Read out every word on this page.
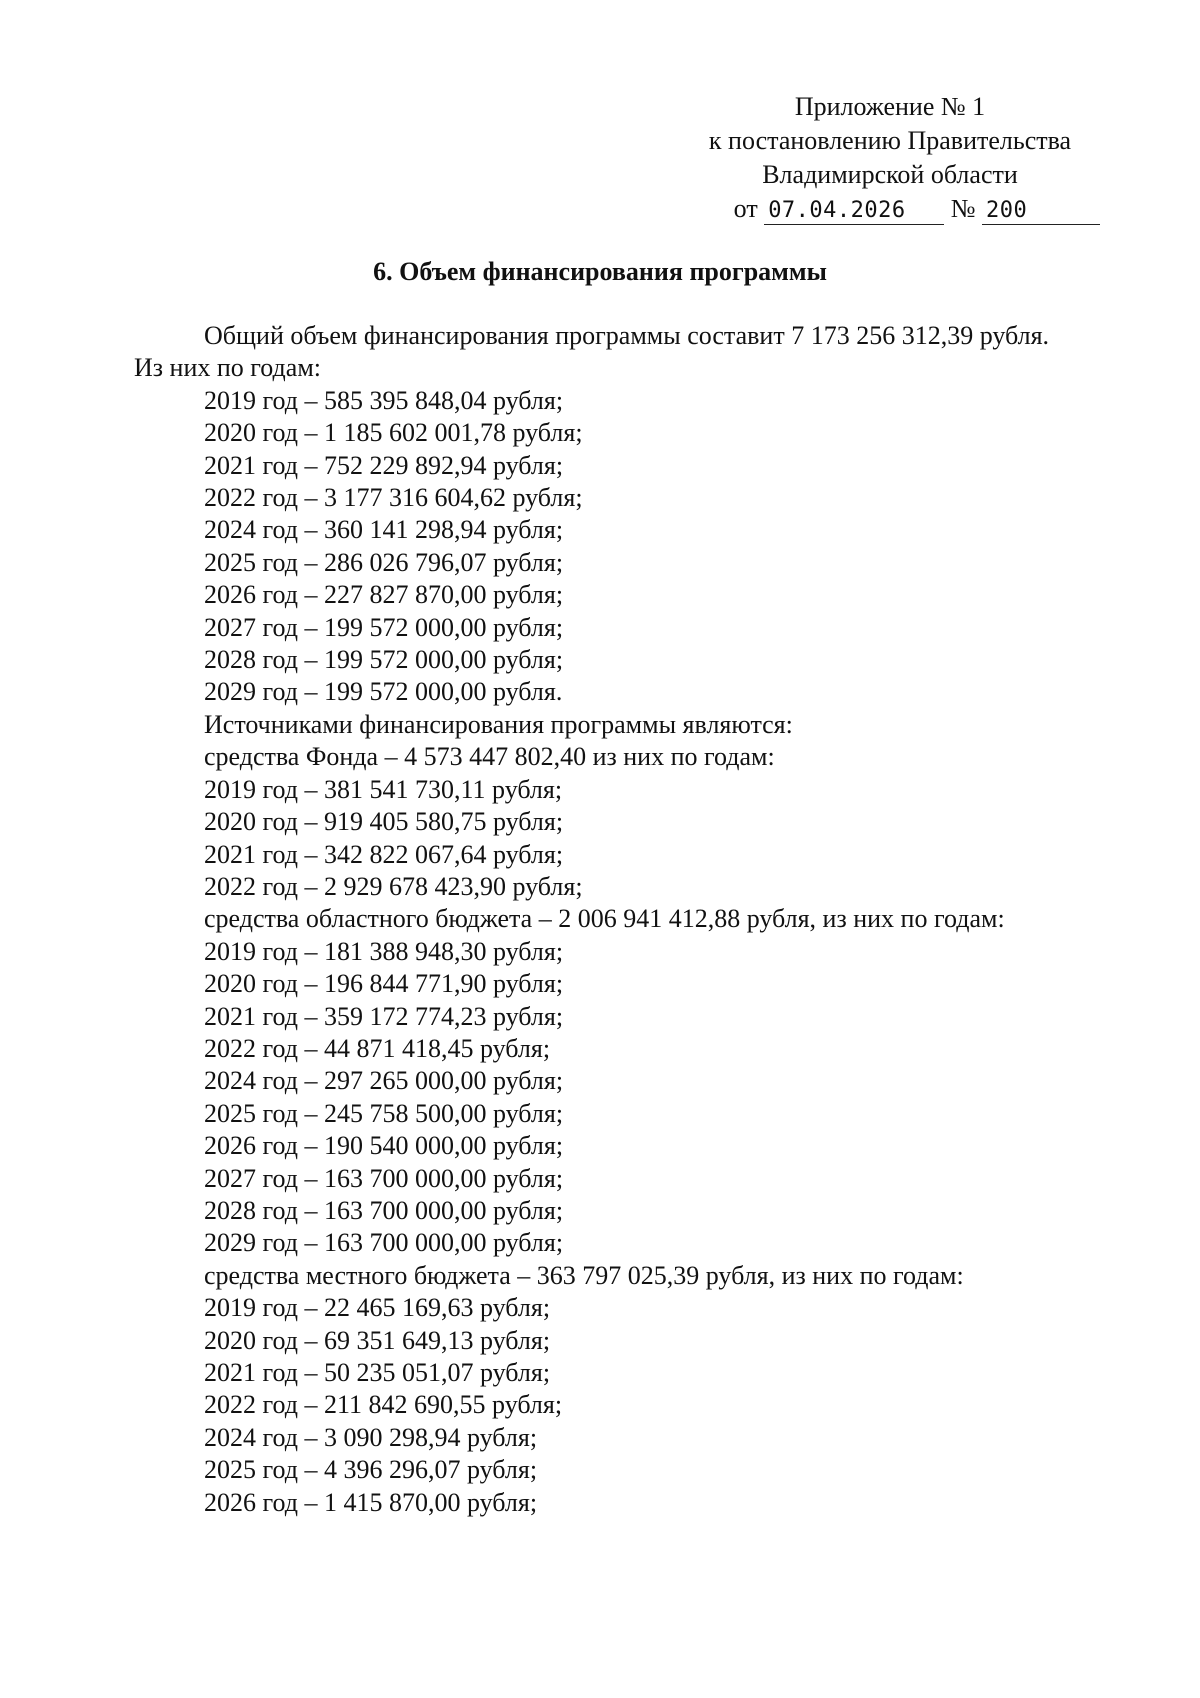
Приложение № 1
к постановлению Правительства
Владимирской области
от 07.04.2026 № 200
6. Объем финансирования программы

Общий объем финансирования программы составит 7 173 256 312,39 рубля.

Из них по годам:

2019 год – 585 395 848,04 рубля;
2020 год – 1 185 602 001,78 рубля;
2021 год – 752 229 892,94 рубля;
2022 год – 3 177 316 604,62 рубля;
2024 год – 360 141 298,94 рубля;
2025 год – 286 026 796,07 рубля;
2026 год – 227 827 870,00 рубля;
2027 год – 199 572 000,00 рубля;
2028 год – 199 572 000,00 рубля;
2029 год – 199 572 000,00 рубля.
Источниками финансирования программы являются:
средства Фонда – 4 573 447 802,40 из них по годам:
2019 год – 381 541 730,11 рубля;
2020 год – 919 405 580,75 рубля;
2021 год – 342 822 067,64 рубля;
2022 год – 2 929 678 423,90 рубля;
средства областного бюджета – 2 006 941 412,88 рубля, из них по годам:
2019 год – 181 388 948,30 рубля;
2020 год – 196 844 771,90 рубля;
2021 год – 359 172 774,23 рубля;
2022 год – 44 871 418,45 рубля;
2024 год – 297 265 000,00 рубля;
2025 год – 245 758 500,00 рубля;
2026 год – 190 540 000,00 рубля;
2027 год – 163 700 000,00 рубля;
2028 год – 163 700 000,00 рубля;
2029 год – 163 700 000,00 рубля;
средства местного бюджета – 363 797 025,39 рубля, из них по годам:
2019 год – 22 465 169,63 рубля;
2020 год – 69 351 649,13 рубля;
2021 год – 50 235 051,07 рубля;
2022 год – 211 842 690,55 рубля;
2024 год – 3 090 298,94 рубля;
2025 год – 4 396 296,07 рубля;
2026 год – 1 415 870,00 рубля;
